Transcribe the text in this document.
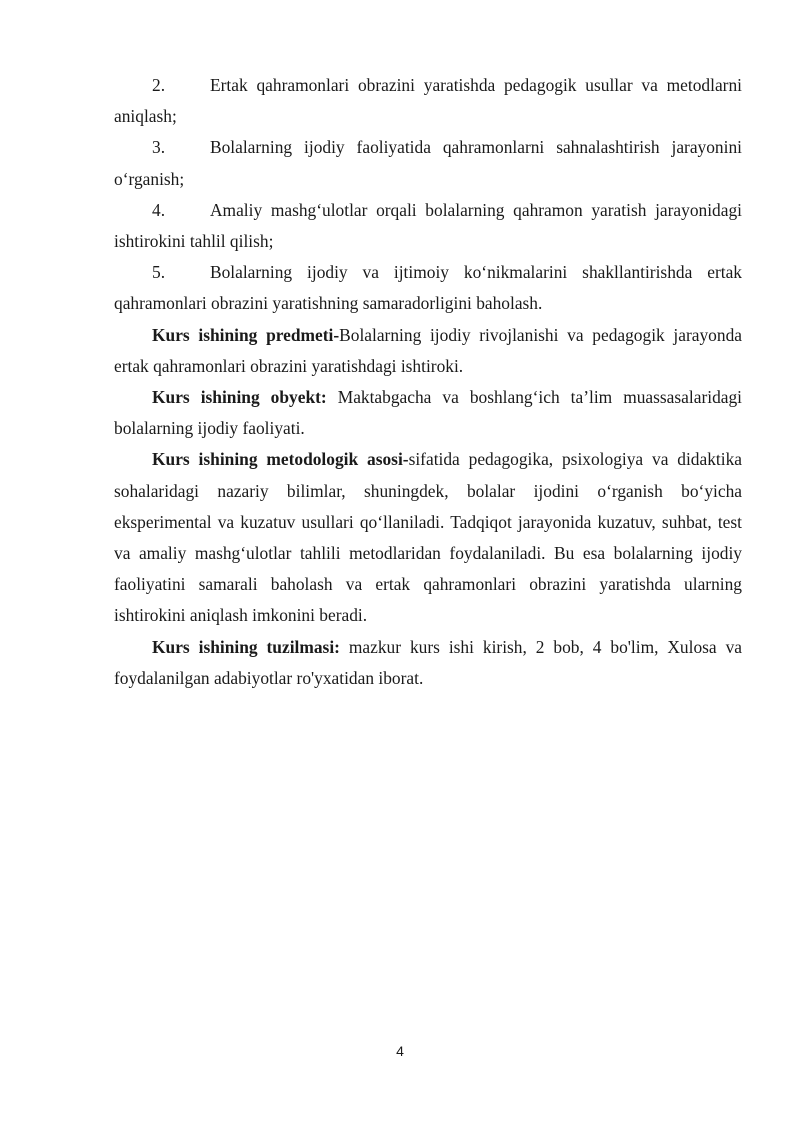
2.	Ertak qahramonlari obrazini yaratishda pedagogik usullar va metodlarni aniqlash;

3.	Bolalarning ijodiy faoliyatida qahramonlarni sahnalashtirish jarayonini o‘rganish;

4.	Amaliy mashg‘ulotlar orqali bolalarning qahramon yaratish jarayonidagi ishtirokini tahlil qilish;

5.	Bolalarning ijodiy va ijtimoiy ko‘nikmalarini shakllantirishda ertak qahramonlari obrazini yaratishning samaradorligini baholash.

Kurs ishining predmeti-Bolalarning ijodiy rivojlanishi va pedagogik jarayonda ertak qahramonlari obrazini yaratishdagi ishtiroki.

Kurs ishining obyekt: Maktabgacha va boshlang‘ich ta’lim muassasalaridagi bolalarning ijodiy faoliyati.

Kurs ishining metodologik asosi-sifatida pedagogika, psixologiya va didaktika sohalaridagi nazariy bilimlar, shuningdek, bolalar ijodini o‘rganish bo‘yicha eksperimental va kuzatuv usullari qo‘llaniladi. Tadqiqot jarayonida kuzatuv, suhbat, test va amaliy mashg‘ulotlar tahlili metodlaridan foydalaniladi. Bu esa bolalarning ijodiy faoliyatini samarali baholash va ertak qahramonlari obrazini yaratishda ularning ishtirokini aniqlash imkonini beradi.

Kurs ishining tuzilmasi: mazkur kurs ishi kirish, 2 bob, 4 bo'lim, Xulosa va foydalanilgan adabiyotlar ro'yxatidan iborat.

4
